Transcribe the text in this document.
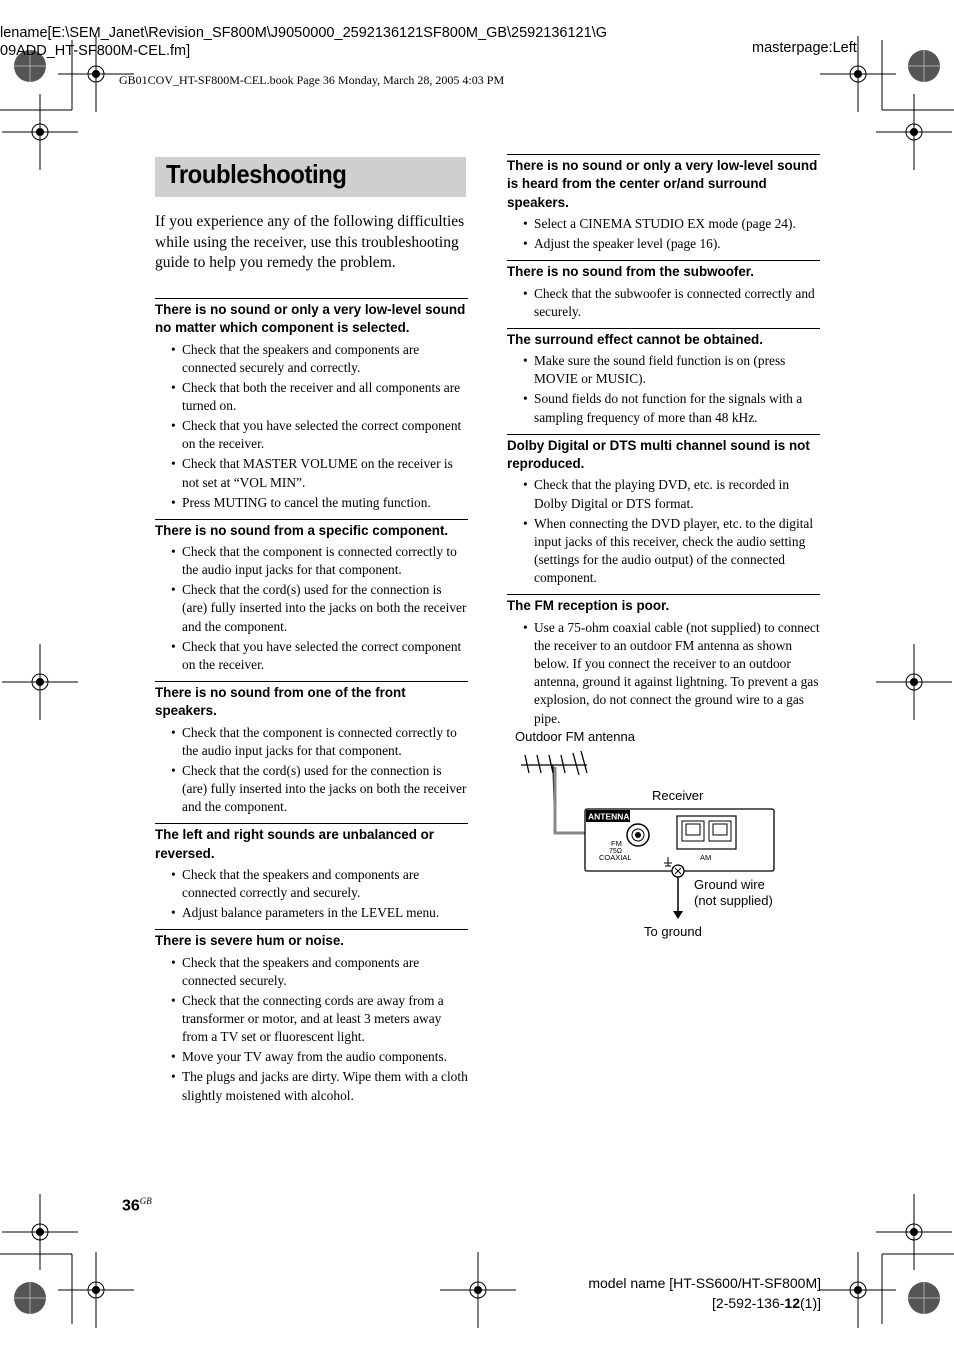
lename[E:\SEM_Janet\Revision_SF800M\J9050000_2592136121SF800M_GB\2592136121\G
09ADD_HT-SF800M-CEL.fm]	masterpage:Left
GB01COV_HT-SF800M-CEL.book Page 36 Monday, March 28, 2005 4:03 PM
Troubleshooting
If you experience any of the following difficulties while using the receiver, use this troubleshooting guide to help you remedy the problem.
There is no sound or only a very low-level sound no matter which component is selected.
• Check that the speakers and components are connected securely and correctly.
• Check that both the receiver and all components are turned on.
• Check that you have selected the correct component on the receiver.
• Check that MASTER VOLUME on the receiver is not set at “VOL MIN”.
• Press MUTING to cancel the muting function.
There is no sound from a specific component.
• Check that the component is connected correctly to the audio input jacks for that component.
• Check that the cord(s) used for the connection is (are) fully inserted into the jacks on both the receiver and the component.
• Check that you have selected the correct component on the receiver.
There is no sound from one of the front speakers.
• Check that the component is connected correctly to the audio input jacks for that component.
• Check that the cord(s) used for the connection is (are) fully inserted into the jacks on both the receiver and the component.
The left and right sounds are unbalanced or reversed.
• Check that the speakers and components are connected correctly and securely.
• Adjust balance parameters in the LEVEL menu.
There is severe hum or noise.
• Check that the speakers and components are connected securely.
• Check that the connecting cords are away from a transformer or motor, and at least 3 meters away from a TV set or fluorescent light.
• Move your TV away from the audio components.
• The plugs and jacks are dirty. Wipe them with a cloth slightly moistened with alcohol.
There is no sound or only a very low-level sound is heard from the center or/and surround speakers.
• Select a CINEMA STUDIO EX mode (page 24).
• Adjust the speaker level (page 16).
There is no sound from the subwoofer.
• Check that the subwoofer is connected correctly and securely.
The surround effect cannot be obtained.
• Make sure the sound field function is on (press MOVIE or MUSIC).
• Sound fields do not function for the signals with a sampling frequency of more than 48 kHz.
Dolby Digital or DTS multi channel sound is not reproduced.
• Check that the playing DVD, etc. is recorded in Dolby Digital or DTS format.
• When connecting the DVD player, etc. to the digital input jacks of this receiver, check the audio setting (settings for the audio output) of the connected component.
The FM reception is poor.
• Use a 75-ohm coaxial cable (not supplied) to connect the receiver to an outdoor FM antenna as shown below. If you connect the receiver to an outdoor antenna, ground it against lightning. To prevent a gas explosion, do not connect the ground wire to a gas pipe.
Outdoor FM antenna
Receiver
ANTENNA
FM
75Ω
COAXIAL	AM
Ground wire
(not supplied)
To ground
$36^{GB}$
model name [HT-SS600/HT-SF800M]
[2-592-136-12(1)]
